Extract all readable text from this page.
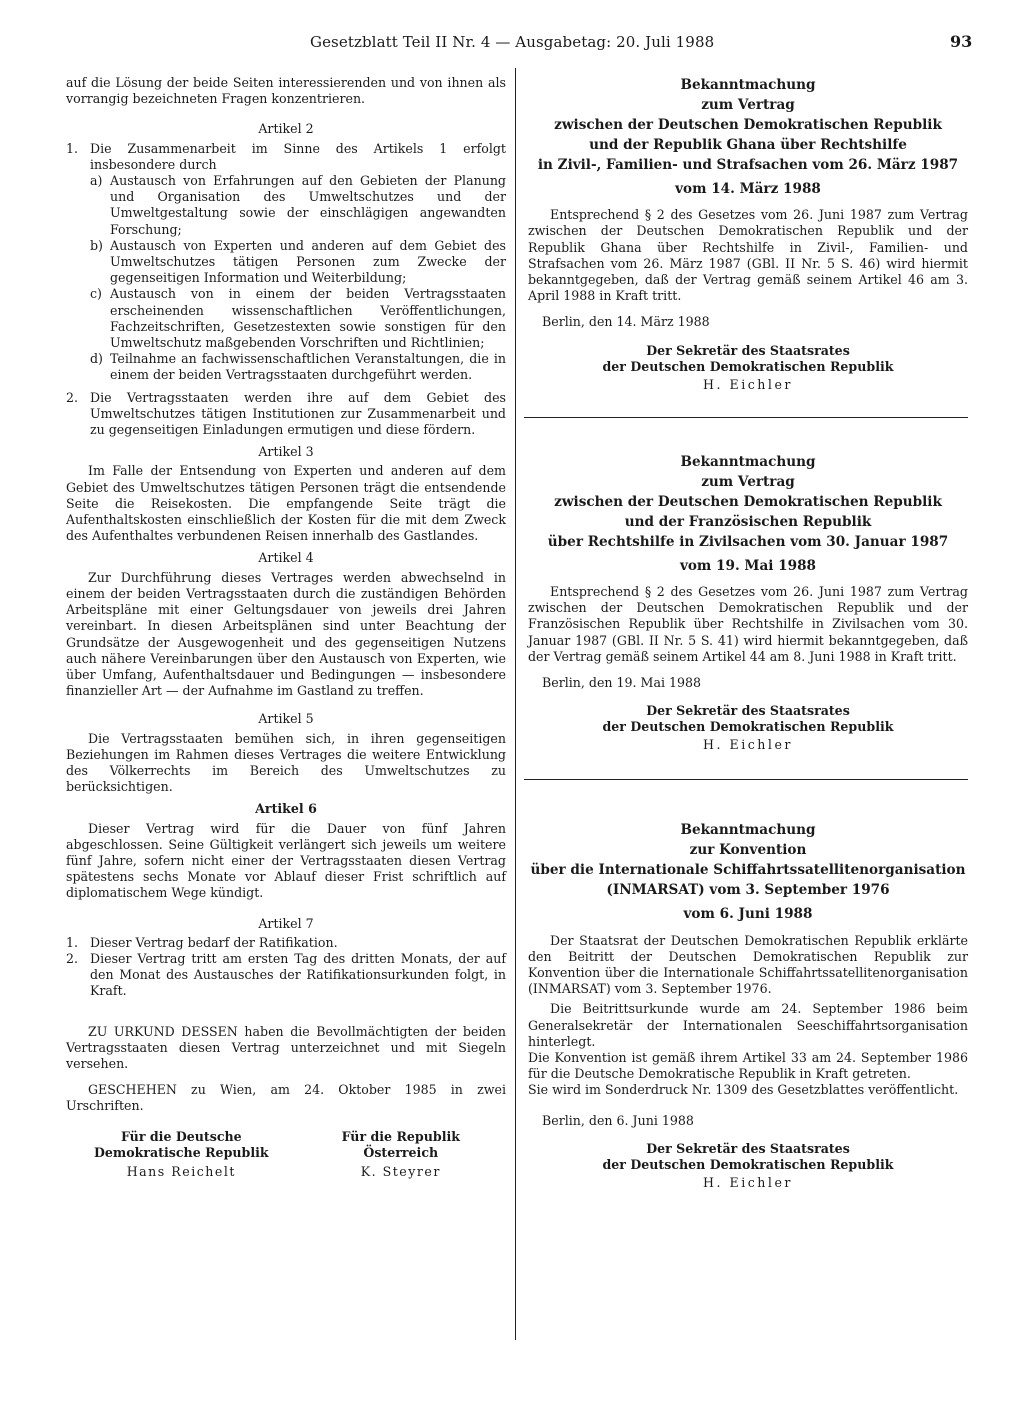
Gesetzblatt Teil II Nr. 4 — Ausgabetag: 20. Juli 1988	93

auf die Lösung der beide Seiten interessierenden und von ihnen als vorrangig bezeichneten Fragen konzentrieren.

Artikel 2
1. Die Zusammenarbeit im Sinne des Artikels 1 erfolgt insbesondere durch
a) Austausch von Erfahrungen auf den Gebieten der Planung und Organisation des Umweltschutzes und der Umweltgestaltung sowie der einschlägigen angewandten Forschung;
b) Austausch von Experten und anderen auf dem Gebiet des Umweltschutzes tätigen Personen zum Zwecke der gegenseitigen Information und Weiterbildung;
c) Austausch von in einem der beiden Vertragsstaaten erscheinenden wissenschaftlichen Veröffentlichungen, Fachzeitschriften, Gesetzestexten sowie sonstigen für den Umweltschutz maßgebenden Vorschriften und Richtlinien;
d) Teilnahme an fachwissenschaftlichen Veranstaltungen, die in einem der beiden Vertragsstaaten durchgeführt werden.
2. Die Vertragsstaaten werden ihre auf dem Gebiet des Umweltschutzes tätigen Institutionen zur Zusammenarbeit und zu gegenseitigen Einladungen ermutigen und diese fördern.
Artikel 3

Im Falle der Entsendung von Experten und anderen auf dem Gebiet des Umweltschutzes tätigen Personen trägt die entsendende Seite die Reisekosten. Die empfangende Seite trägt die Aufenthaltskosten einschließlich der Kosten für die mit dem Zweck des Aufenthaltes verbundenen Reisen innerhalb des Gastlandes.

Artikel 4

Zur Durchführung dieses Vertrages werden abwechselnd in einem der beiden Vertragsstaaten durch die zuständigen Behörden Arbeitspläne mit einer Geltungsdauer von jeweils drei Jahren vereinbart. In diesen Arbeitsplänen sind unter Beachtung der Grundsätze der Ausgewogenheit und des gegenseitigen Nutzens auch nähere Vereinbarungen über den Austausch von Experten, wie über Umfang, Aufenthaltsdauer und Bedingungen — insbesondere finanzieller Art — der Aufnahme im Gastland zu treffen.

Artikel 5

Die Vertragsstaaten bemühen sich, in ihren gegenseitigen Beziehungen im Rahmen dieses Vertrages die weitere Entwicklung des Völkerrechts im Bereich des Umweltschutzes zu berücksichtigen.

Artikel 6

Dieser Vertrag wird für die Dauer von fünf Jahren abgeschlossen. Seine Gültigkeit verlängert sich jeweils um weitere fünf Jahre, sofern nicht einer der Vertragsstaaten diesen Vertrag spätestens sechs Monate vor Ablauf dieser Frist schriftlich auf diplomatischem Wege kündigt.

Artikel 7
1. Dieser Vertrag bedarf der Ratifikation.
2. Dieser Vertrag tritt am ersten Tag des dritten Monats, der auf den Monat des Austausches der Ratifikationsurkunden folgt, in Kraft.

ZU URKUND DESSEN haben die Bevollmächtigten der beiden Vertragsstaaten diesen Vertrag unterzeichnet und mit Siegeln versehen.

GESCHEHEN zu Wien, am 24. Oktober 1985 in zwei Urschriften.

Für die Deutsche
Demokratische Republik
Hans Reichelt
Für die Republik
Österreich
K. Steyrer
Bekanntmachung
zum Vertrag
zwischen der Deutschen Demokratischen Republik
und der Republik Ghana über Rechtshilfe
in Zivil-, Familien- und Strafsachen vom 26. März 1987
vom 14. März 1988

Entsprechend § 2 des Gesetzes vom 26. Juni 1987 zum Vertrag zwischen der Deutschen Demokratischen Republik und der Republik Ghana über Rechtshilfe in Zivil-, Familien- und Strafsachen vom 26. März 1987 (GBl. II Nr. 5 S. 46) wird hiermit bekanntgegeben, daß der Vertrag gemäß seinem Artikel 46 am 3. April 1988 in Kraft tritt.

Berlin, den 14. März 1988
Der Sekretär des Staatsrates
der Deutschen Demokratischen Republik
H. Eichler
Bekanntmachung
zum Vertrag
zwischen der Deutschen Demokratischen Republik
und der Französischen Republik
über Rechtshilfe in Zivilsachen vom 30. Januar 1987
vom 19. Mai 1988

Entsprechend § 2 des Gesetzes vom 26. Juni 1987 zum Vertrag zwischen der Deutschen Demokratischen Republik und der Französischen Republik über Rechtshilfe in Zivilsachen vom 30. Januar 1987 (GBl. II Nr. 5 S. 41) wird hiermit bekanntgegeben, daß der Vertrag gemäß seinem Artikel 44 am 8. Juni 1988 in Kraft tritt.

Berlin, den 19. Mai 1988
Der Sekretär des Staatsrates
der Deutschen Demokratischen Republik
H. Eichler
Bekanntmachung
zur Konvention
über die Internationale Schiffahrtssatellitenorganisation
(INMARSAT) vom 3. September 1976
vom 6. Juni 1988

Der Staatsrat der Deutschen Demokratischen Republik erklärte den Beitritt der Deutschen Demokratischen Republik zur Konvention über die Internationale Schiffahrtssatellitenorganisation (INMARSAT) vom 3. September 1976.

Die Beitrittsurkunde wurde am 24. September 1986 beim Generalsekretär der Internationalen Seeschiffahrtsorganisation hinterlegt.

Die Konvention ist gemäß ihrem Artikel 33 am 24. September 1986 für die Deutsche Demokratische Republik in Kraft getreten.

Sie wird im Sonderdruck Nr. 1309 des Gesetzblattes veröffentlicht.

Berlin, den 6. Juni 1988
Der Sekretär des Staatsrates
der Deutschen Demokratischen Republik
H. Eichler
